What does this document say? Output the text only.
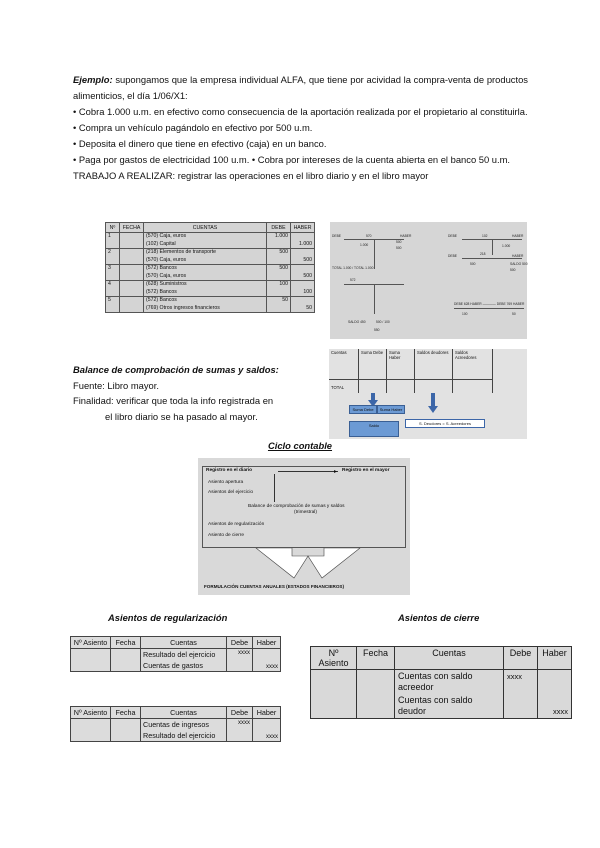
Ejemplo: supongamos que la empresa individual ALFA, que tiene por acividad la compra-venta de productos alimenticios, el día 1/06/X1:

• Cobra 1.000 u.m. en efectivo como consecuencia de la aportación realizada por el propietario al constituirla.

• Compra un vehículo pagándolo en efectivo por 500 u.m.

• Deposita el dinero que tiene en efectivo (caja) en un banco.

• Paga por gastos de electricidad 100 u.m. • Cobra por intereses de la cuenta abierta en el banco 50 u.m.

TRABAJO A REALIZAR: registrar las operaciones en el libro diario y en el libro mayor

Nº	FECHA	CUENTAS	DEBE	HABER
1		(570) Caja, euros	1.000	
		(102) Capital		1.000
2		(218) Elementos de transporte	500	
		(570) Caja, euros		500
3		(572) Bancos	500	
		(570) Caja, euros		500
4		(628) Suministros	100	
		(572) Bancos		100
5		(572) Bancos	50	
		(769) Otros ingresos financieros		50
DEBE	570	HABER	DEBE	102	HABER
1.000
500
500	1.000
TOTAL 1.000 / TOTAL 1.000
DEBE	218	HABER
500	SALDO 500
500
572
DEBE 628 HABER ———— DEBE 769 HABER
100	50
SALDO 450	500 / 100
550
Balance de comprobación de sumas y saldos:
Fuente: Libro mayor.
Finalidad: verificar que toda la info registrada en
el libro diario se ha pasado al mayor.
Cuentas	Suma Debe	Suma Haber
Saldos deudores	Saldos Acreedores
TOTAL
Suma Debe	Suma Haber
S. Deudores = S. Acreedores
Saldo
Ciclo contable
Registro en el diario	▸ Registro en el mayor
Asiento apertura
Asientos del ejercicio
Balance de comprobación de sumas y saldos
(trimestral)
Asientos de regularización
Asiento de cierre
FORMULACIÓN CUENTAS ANUALES (ESTADOS FINANCIEROS)
Asientos de regularización
Nº Asiento	Fecha	Cuentas	Debe	Haber
		Resultado del ejercicio	xxxx	
		Cuentas de gastos		xxxx
Nº Asiento	Fecha	Cuentas	Debe	Haber
		Cuentas de ingresos	xxxx	
		Resultado del ejercicio		xxxx
Asientos de cierre
Nº Asiento	Fecha	Cuentas	Debe	Haber
		Cuentas con saldo acreedor	xxxx	
		Cuentas con saldo deudor		xxxx
